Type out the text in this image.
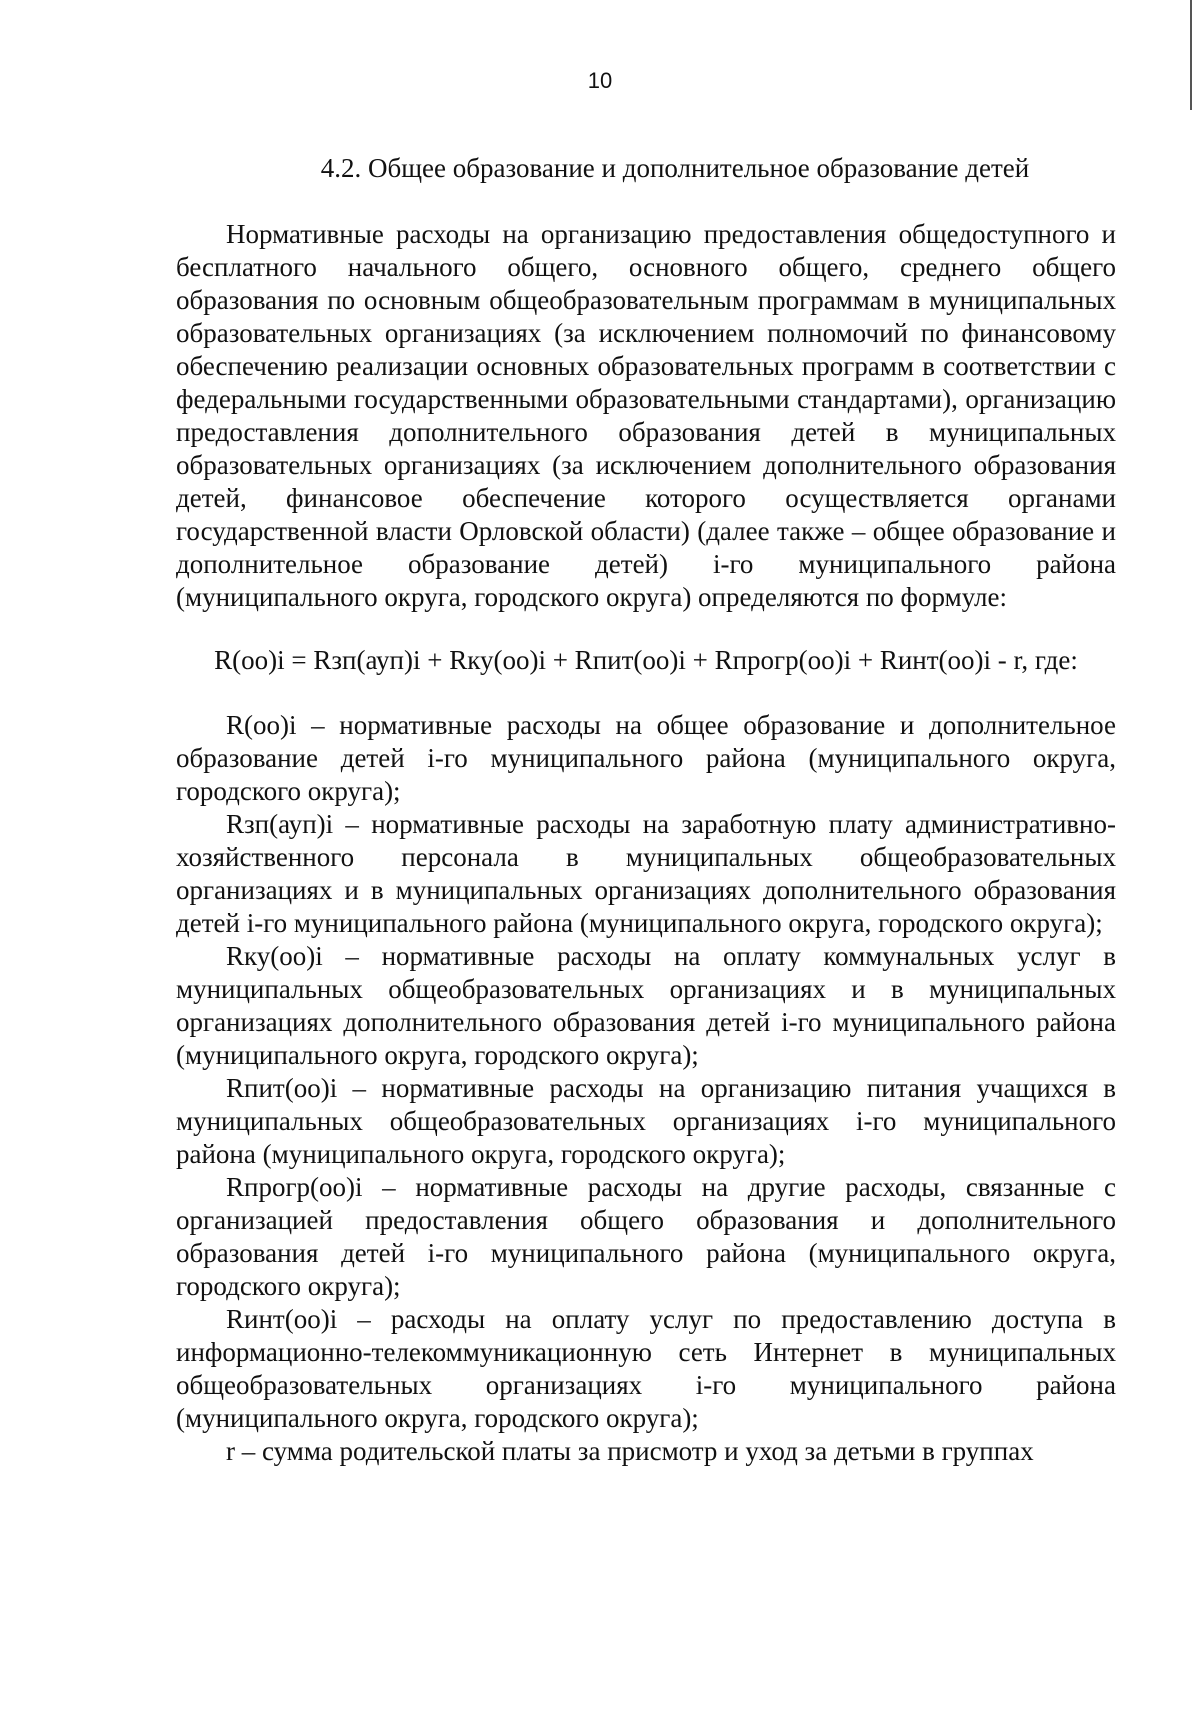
10
4.2. Общее образование и дополнительное образование детей

Нормативные расходы на организацию предоставления общедоступного и бесплатного начального общего, основного общего, среднего общего образования по основным общеобразовательным программам в муниципальных образовательных организациях (за исключением полномочий по финансовому обеспечению реализации основных образовательных программ в соответствии с федеральными государственными образовательными стандартами), организацию предоставления дополнительного образования детей в муниципальных образовательных организациях (за исключением дополнительного образования детей, финансовое обеспечение которого осуществляется органами государственной власти Орловской области) (далее также – общее образование и дополнительное образование детей) i-го муниципального района (муниципального округа, городского округа) определяются по формуле:

R(оо)i = Rзп(ауп)i + Rку(оо)i + Rпит(оо)i + Rпрогр(оо)i + Rинт(оо)i - r, где:

R(оо)i – нормативные расходы на общее образование и дополнительное образование детей i-го муниципального района (муниципального округа, городского округа);

Rзп(ауп)i – нормативные расходы на заработную плату административно-хозяйственного персонала в муниципальных общеобразовательных организациях и в муниципальных организациях дополнительного образования детей i-го муниципального района (муниципального округа, городского округа);

Rку(оо)i – нормативные расходы на оплату коммунальных услуг в муниципальных общеобразовательных организациях и в муниципальных организациях дополнительного образования детей i-го муниципального района (муниципального округа, городского округа);

Rпит(оо)i – нормативные расходы на организацию питания учащихся в муниципальных общеобразовательных организациях i-го муниципального района (муниципального округа, городского округа);

Rпрогр(оо)i – нормативные расходы на другие расходы, связанные с организацией предоставления общего образования и дополнительного образования детей i-го муниципального района (муниципального округа, городского округа);

Rинт(оо)i – расходы на оплату услуг по предоставлению доступа в информационно-телекоммуникационную сеть Интернет в муниципальных общеобразовательных организациях i-го муниципального района (муниципального округа, городского округа);

r – сумма родительской платы за присмотр и уход за детьми в группах
